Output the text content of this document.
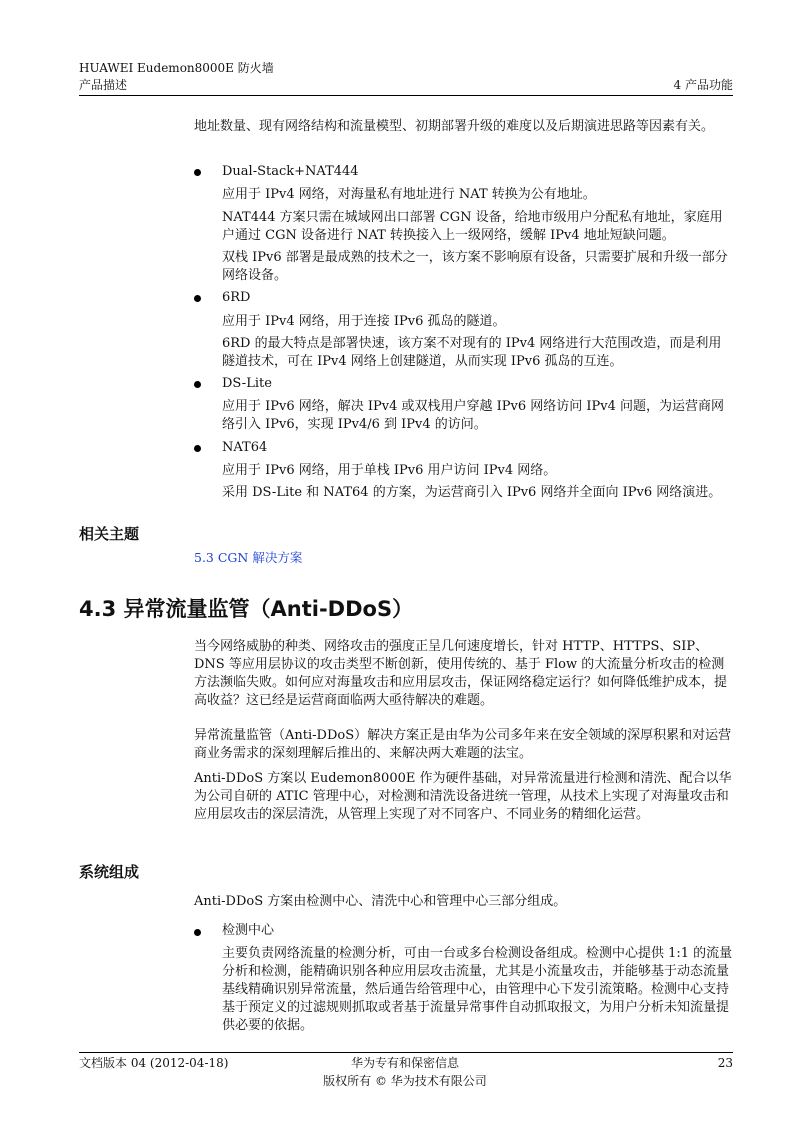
HUAWEI Eudemon8000E 防火墙
产品描述	4 产品功能
地址数量、现有网络结构和流量模型、初期部署升级的难度以及后期演进思路等因素有关。
Dual-Stack+NAT444

应用于 IPv4 网络，对海量私有地址进行 NAT 转换为公有地址。

NAT444 方案只需在城域网出口部署 CGN 设备，给地市级用户分配私有地址，家庭用户通过 CGN 设备进行 NAT 转换接入上一级网络，缓解 IPv4 地址短缺问题。

双栈 IPv6 部署是最成熟的技术之一，该方案不影响原有设备，只需要扩展和升级一部分网络设备。

6RD

应用于 IPv4 网络，用于连接 IPv6 孤岛的隧道。

6RD 的最大特点是部署快速，该方案不对现有的 IPv4 网络进行大范围改造，而是利用隧道技术，可在 IPv4 网络上创建隧道，从而实现 IPv6 孤岛的互连。

DS-Lite

应用于 IPv6 网络，解决 IPv4 或双栈用户穿越 IPv6 网络访问 IPv4 问题，为运营商网络引入 IPv6，实现 IPv4/6 到 IPv4 的访问。

NAT64

应用于 IPv6 网络，用于单栈 IPv6 用户访问 IPv4 网络。

采用 DS-Lite 和 NAT64 的方案，为运营商引入 IPv6 网络并全面向 IPv6 网络演进。

相关主题
5.3 CGN 解决方案
4.3 异常流量监管（Anti-DDoS）
当今网络威胁的种类、网络攻击的强度正呈几何速度增长，针对 HTTP、HTTPS、SIP、DNS 等应用层协议的攻击类型不断创新，使用传统的、基于 Flow 的大流量分析攻击的检测方法濒临失败。如何应对海量攻击和应用层攻击，保证网络稳定运行？如何降低维护成本，提高收益？这已经是运营商面临两大亟待解决的难题。
异常流量监管（Anti-DDoS）解决方案正是由华为公司多年来在安全领域的深厚积累和对运营商业务需求的深刻理解后推出的、来解决两大难题的法宝。
Anti-DDoS 方案以 Eudemon8000E 作为硬件基础，对异常流量进行检测和清洗、配合以华为公司自研的 ATIC 管理中心，对检测和清洗设备进统一管理，从技术上实现了对海量攻击和应用层攻击的深层清洗，从管理上实现了对不同客户、不同业务的精细化运营。
系统组成
Anti-DDoS 方案由检测中心、清洗中心和管理中心三部分组成。
检测中心

主要负责网络流量的检测分析，可由一台或多台检测设备组成。检测中心提供 1:1 的流量分析和检测，能精确识别各种应用层攻击流量，尤其是小流量攻击，并能够基于动态流量基线精确识别异常流量，然后通告给管理中心，由管理中心下发引流策略。检测中心支持基于预定义的过滤规则抓取或者基于流量异常事件自动抓取报文，为用户分析未知流量提供必要的依据。

文档版本 04 (2012-04-18)	华为专有和保密信息
版权所有 © 华为技术有限公司
23
